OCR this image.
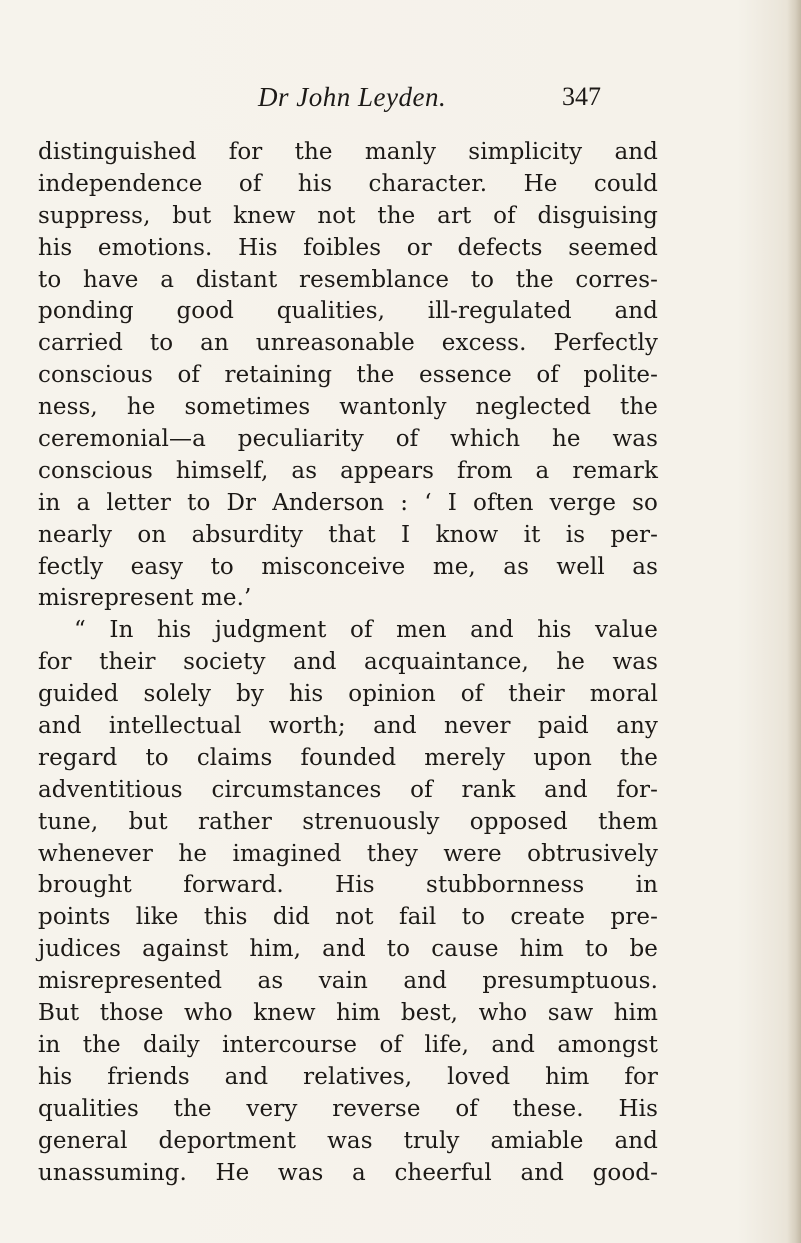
Dr John Leyden.	347
distinguished for the manly simplicity and
independence of his character. He could
suppress, but knew not the art of disguising
his emotions. His foibles or defects seemed
to have a distant resemblance to the corres-
ponding good qualities, ill-regulated and
carried to an unreasonable excess. Perfectly
conscious of retaining the essence of polite-
ness, he sometimes wantonly neglected the
ceremonial—a peculiarity of which he was
conscious himself, as appears from a remark
in a letter to Dr Anderson : ‘ I often verge so
nearly on absurdity that I know it is per-
fectly easy to misconceive me, as well as
misrepresent me.’
“ In his judgment of men and his value
for their society and acquaintance, he was
guided solely by his opinion of their moral
and intellectual worth; and never paid any
regard to claims founded merely upon the
adventitious circumstances of rank and for-
tune, but rather strenuously opposed them
whenever he imagined they were obtrusively
brought forward. His stubbornness in
points like this did not fail to create pre-
judices against him, and to cause him to be
misrepresented as vain and presumptuous.
But those who knew him best, who saw him
in the daily intercourse of life, and amongst
his friends and relatives, loved him for
qualities the very reverse of these. His
general deportment was truly amiable and
unassuming. He was a cheerful and good-
